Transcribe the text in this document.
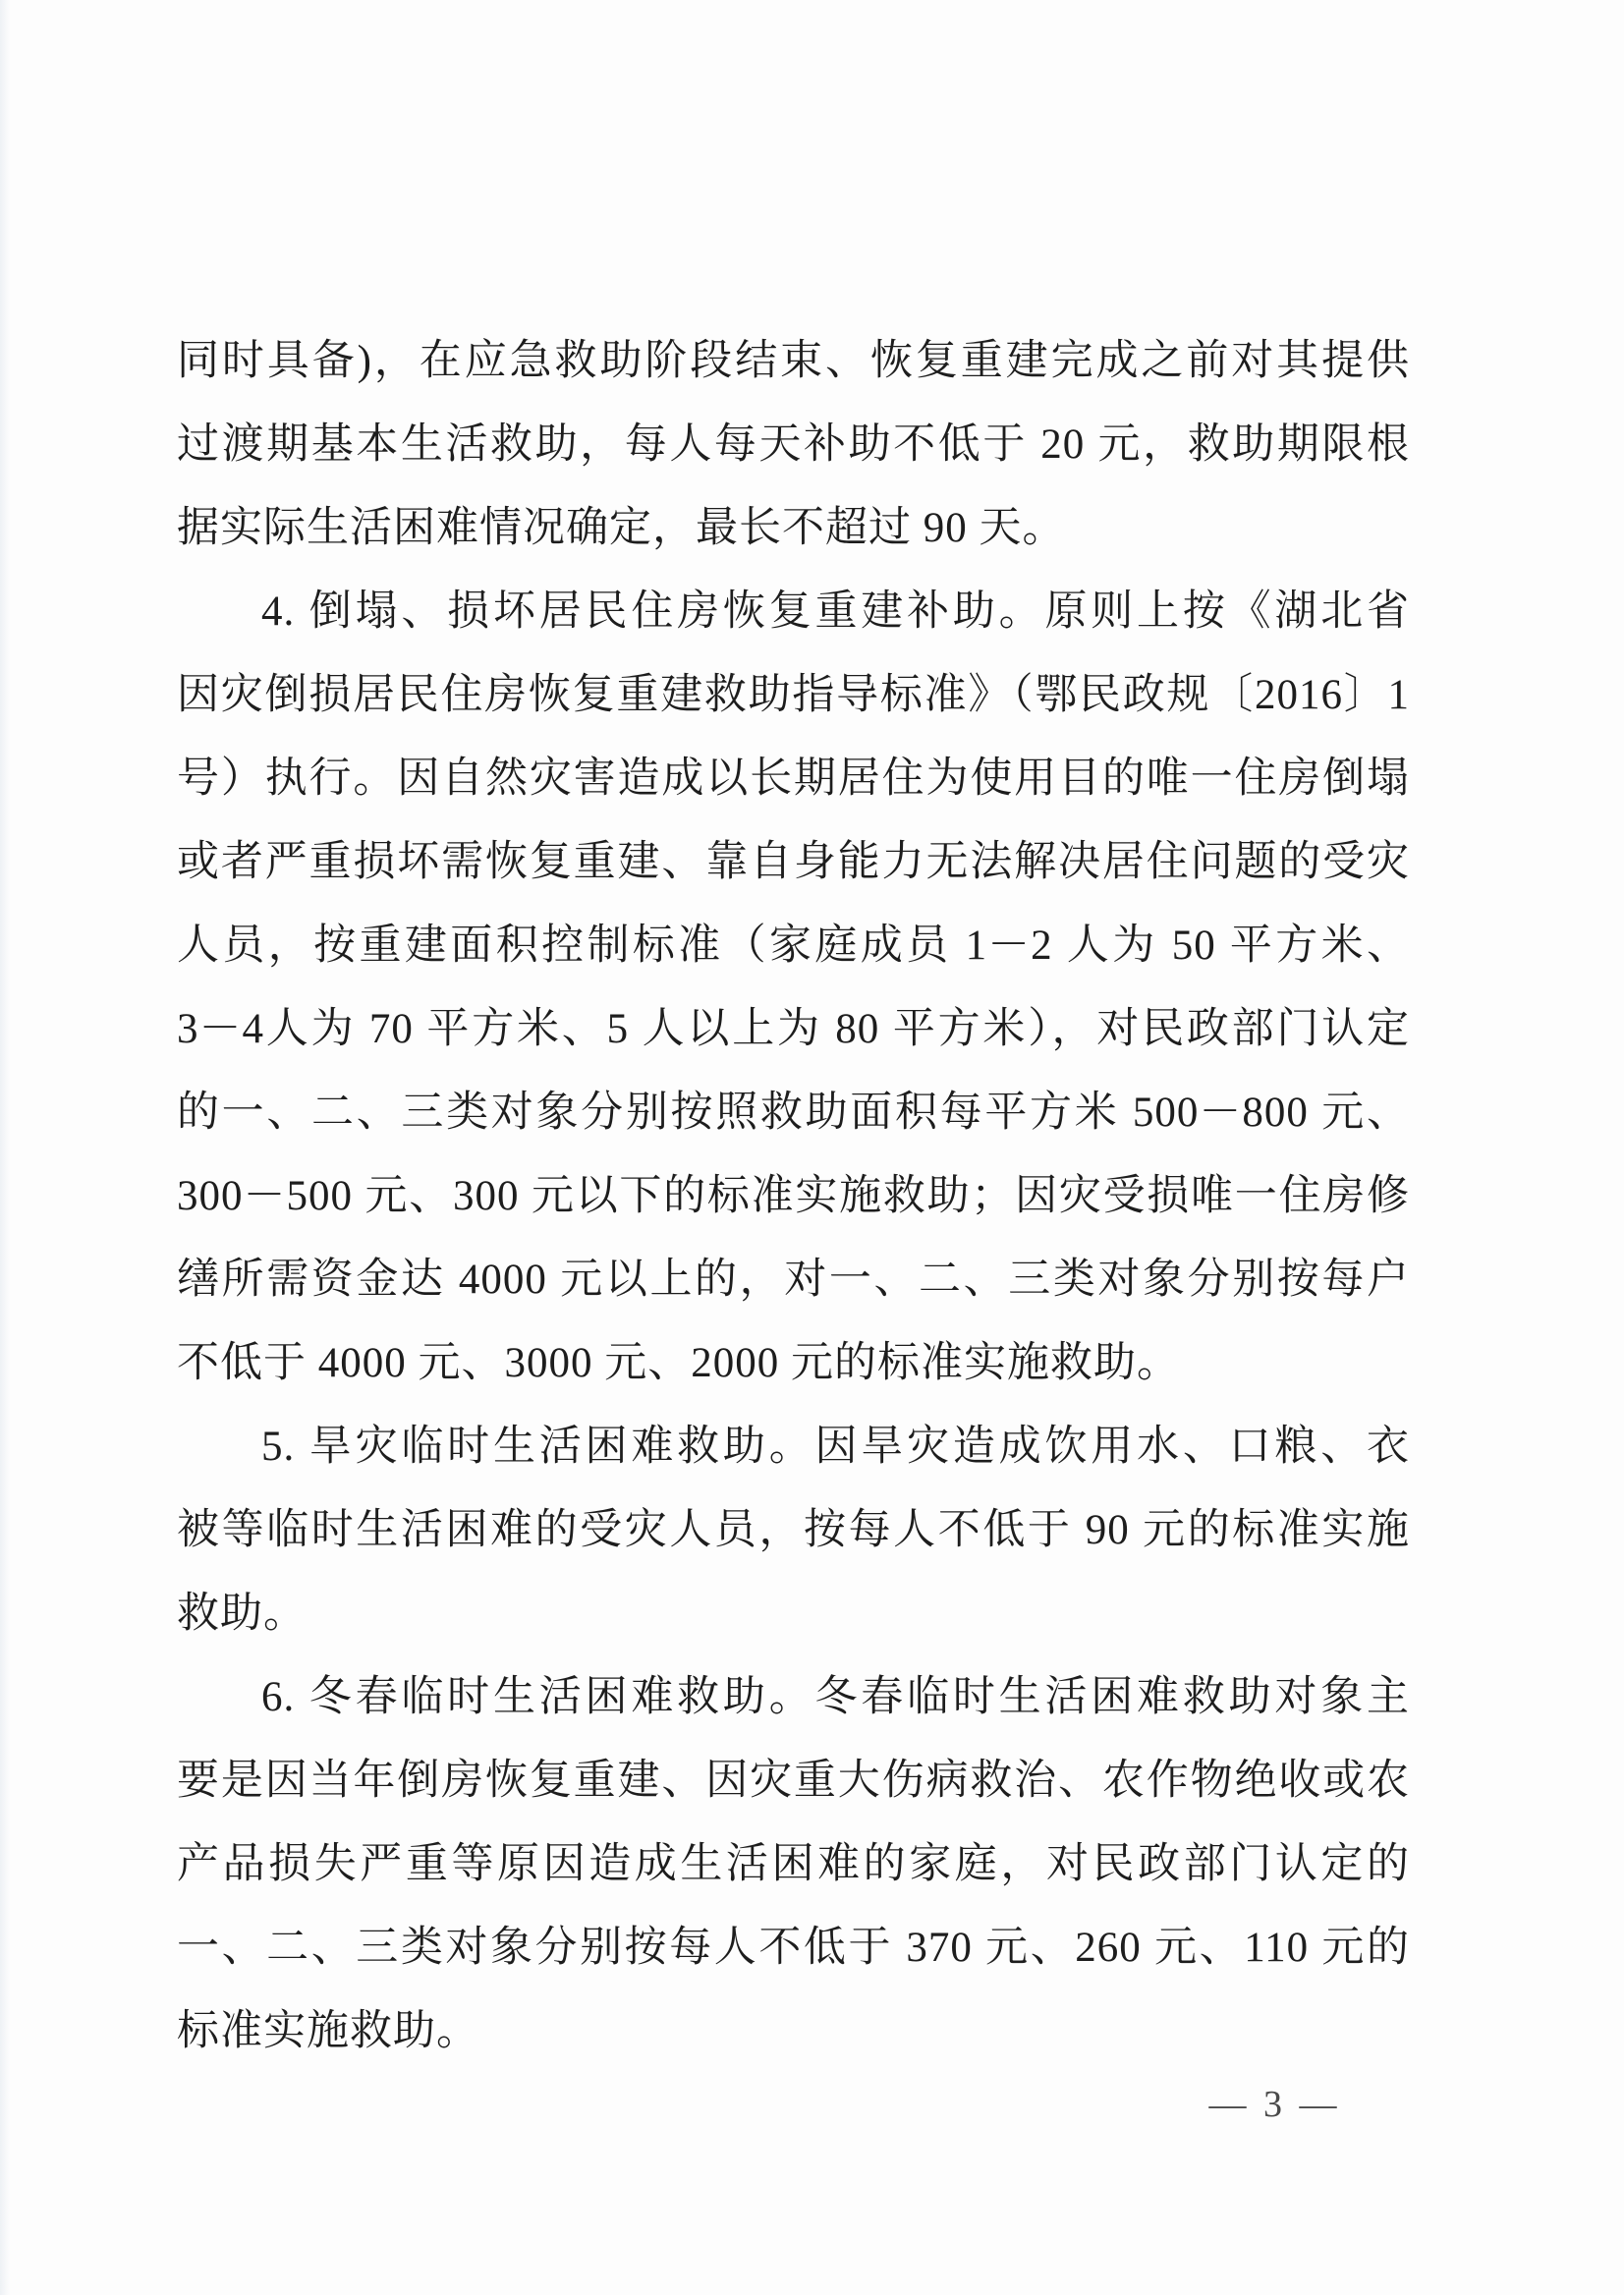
同时具备)，在应急救助阶段结束、恢复重建完成之前对其提供
过渡期基本生活救助，每人每天补助不低于 20 元，救助期限根
据实际生活困难情况确定，最长不超过 90 天。
4. 倒塌、损坏居民住房恢复重建补助。原则上按《湖北省
因灾倒损居民住房恢复重建救助指导标准》（鄂民政规〔2016〕1
号）执行。因自然灾害造成以长期居住为使用目的唯一住房倒塌
或者严重损坏需恢复重建、靠自身能力无法解决居住问题的受灾
人员，按重建面积控制标准（家庭成员 1－2 人为 50 平方米、
3－4人为 70 平方米、5 人以上为 80 平方米），对民政部门认定
的一、二、三类对象分别按照救助面积每平方米 500－800 元、
300－500 元、300 元以下的标准实施救助；因灾受损唯一住房修
缮所需资金达 4000 元以上的，对一、二、三类对象分别按每户
不低于 4000 元、3000 元、2000 元的标准实施救助。
5. 旱灾临时生活困难救助。因旱灾造成饮用水、口粮、衣
被等临时生活困难的受灾人员，按每人不低于 90 元的标准实施
救助。
6. 冬春临时生活困难救助。冬春临时生活困难救助对象主
要是因当年倒房恢复重建、因灾重大伤病救治、农作物绝收或农
产品损失严重等原因造成生活困难的家庭，对民政部门认定的
一、二、三类对象分别按每人不低于 370 元、260 元、110 元的
标准实施救助。
— 3 —
